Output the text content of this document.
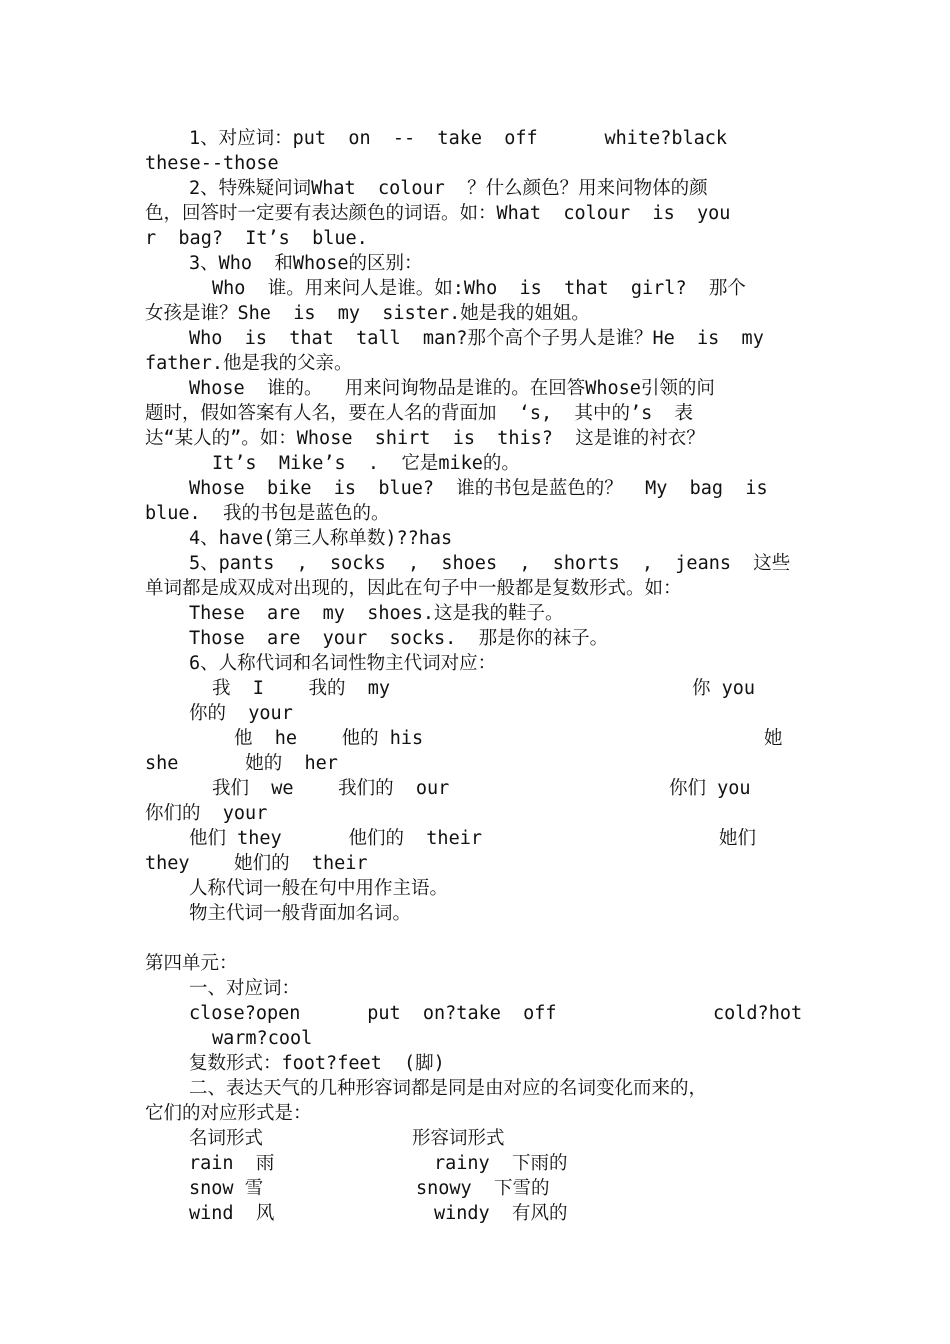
1、对应词：put  on  --  take  off      white?black
these--those
2、特殊疑问词What  colour  ？什么颜色？用来问物体的颜
色，回答时一定要有表达颜色的词语。如：What  colour  is  you
r  bag?  It’s  blue.
3、Who  和Whose的区别：
Who  谁。用来问人是谁。如:Who  is  that  girl?  那个
女孩是谁？She  is  my  sister.她是我的姐姐。
Who  is  that  tall  man?那个高个子男人是谁？He  is  my
father.他是我的父亲。
Whose  谁的。  用来问询物品是谁的。在回答Whose引领的问
题时，假如答案有人名，要在人名的背面加  ‘s,  其中的’s  表
达“某人的”。如：Whose  shirt  is  this?  这是谁的衬衣？
It’s  Mike’s  .  它是mike的。
Whose  bike  is  blue?  谁的书包是蓝色的？  My  bag  is
blue.  我的书包是蓝色的。
4、have(第三人称单数)??has
5、pants  ,  socks  ,  shoes  ,  shorts  ,  jeans  这些
单词都是成双成对出现的，因此在句子中一般都是复数形式。如：
These  are  my  shoes.这是我的鞋子。
Those  are  your  socks.  那是你的袜子。
6、人称代词和名词性物主代词对应：
我  I    我的  my	你 you
你的  your
他  he    他的 his	她
she      她的  her
我们  we    我们的  our	你们 you
你们的  your
他们 they      他们的  their	她们
they    她们的  their
人称代词一般在句中用作主语。
物主代词一般背面加名词。
第四单元：
一、对应词：
close?open      put  on?take  off	cold?hot
warm?cool
复数形式：foot?feet  (脚)
二、表达天气的几种形容词都是同是由对应的名词变化而来的，
它们的对应形式是：
名词形式	形容词形式
rain  雨	rainy  下雨的
snow 雪	snowy  下雪的
wind  风	windy  有风的
